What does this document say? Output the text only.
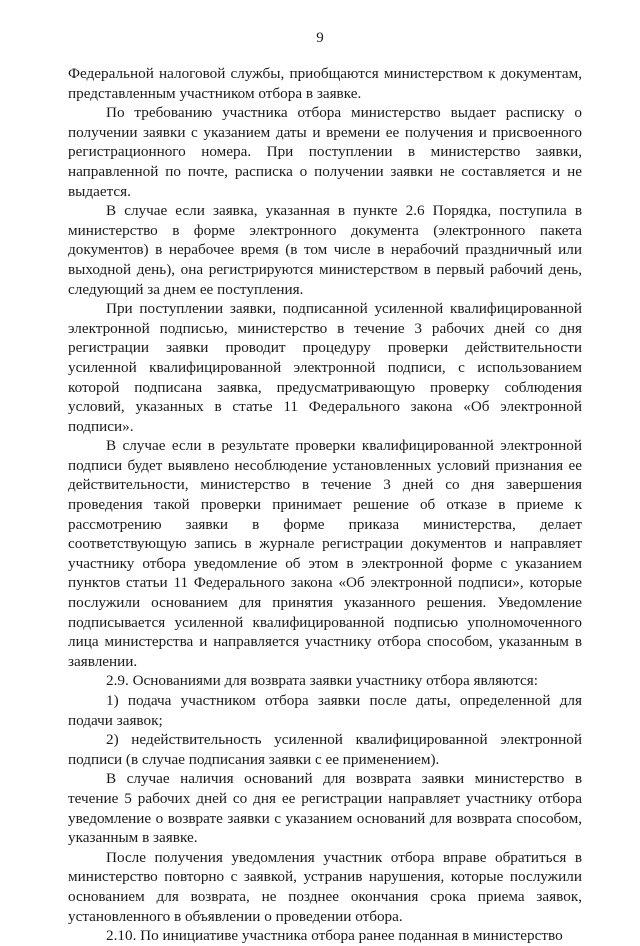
9

Федеральной налоговой службы, приобщаются министерством к документам, представленным участником отбора в заявке.

По требованию участника отбора министерство выдает расписку о получении заявки с указанием даты и времени ее получения и присвоенного регистрационного номера. При поступлении в министерство заявки, направленной по почте, расписка о получении заявки не составляется и не выдается.

В случае если заявка, указанная в пункте 2.6 Порядка, поступила в министерство в форме электронного документа (электронного пакета документов) в нерабочее время (в том числе в нерабочий праздничный или выходной день), она регистрируются министерством в первый рабочий день, следующий за днем ее поступления.

При поступлении заявки, подписанной усиленной квалифицированной электронной подписью, министерство в течение 3 рабочих дней со дня регистрации заявки проводит процедуру проверки действительности усиленной квалифицированной электронной подписи, с использованием которой подписана заявка, предусматривающую проверку соблюдения условий, указанных в статье 11 Федерального закона «Об электронной подписи».

В случае если в результате проверки квалифицированной электронной подписи будет выявлено несоблюдение установленных условий признания ее действительности, министерство в течение 3 дней со дня завершения проведения такой проверки принимает решение об отказе в приеме к рассмотрению заявки в форме приказа министерства, делает соответствующую запись в журнале регистрации документов и направляет участнику отбора уведомление об этом в электронной форме с указанием пунктов статьи 11 Федерального закона «Об электронной подписи», которые послужили основанием для принятия указанного решения. Уведомление подписывается усиленной квалифицированной подписью уполномоченного лица министерства и направляется участнику отбора способом, указанным в заявлении.

2.9. Основаниями для возврата заявки участнику отбора являются:

1) подача участником отбора заявки после даты, определенной для подачи заявок;

2) недействительность усиленной квалифицированной электронной подписи (в случае подписания заявки с ее применением).

В случае наличия оснований для возврата заявки министерство в течение 5 рабочих дней со дня ее регистрации направляет участнику отбора уведомление о возврате заявки с указанием оснований для возврата способом, указанным в заявке.

После получения уведомления участник отбора вправе обратиться в министерство повторно с заявкой, устранив нарушения, которые послужили основанием для возврата, не позднее окончания срока приема заявок, установленного в объявлении о проведении отбора.

2.10. По инициативе участника отбора ранее поданная в министерство
